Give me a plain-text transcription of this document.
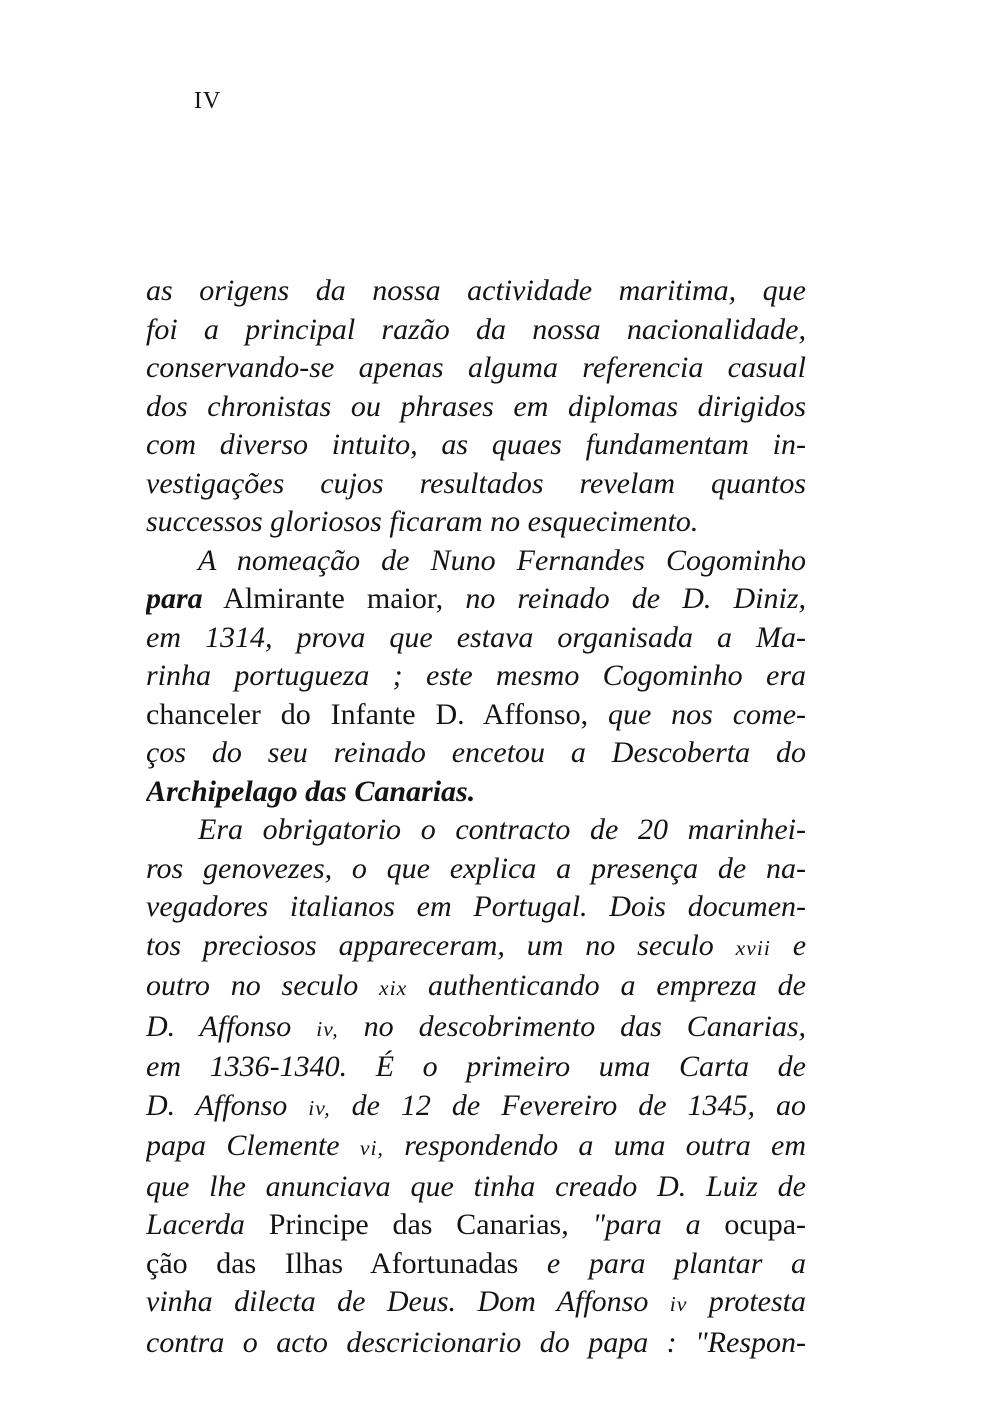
IV
as origens da nossa actividade maritima, que
foi a principal razão da nossa nacionalidade,
conservando-se apenas alguma referencia casual
dos chronistas ou phrases em diplomas dirigidos
com diverso intuito, as quaes fundamentam in-
vestigações cujos resultados revelam quantos
successos gloriosos ficaram no esquecimento.
A nomeação de Nuno Fernandes Cogominho
para Almirante maior, no reinado de D. Diniz,
em 1314, prova que estava organisada a Ma-
rinha portugueza ; este mesmo Cogominho era
chanceler do Infante D. Affonso, que nos come-
ços do seu reinado encetou a Descoberta do
Archipelago das Canarias.
Era obrigatorio o contracto de 20 marinhei-
ros genovezes, o que explica a presença de na-
vegadores italianos em Portugal. Dois documen-
tos preciosos appareceram, um no seculo xvii e
outro no seculo xix authenticando a empreza de
D. Affonso iv, no descobrimento das Canarias,
em 1336-1340. É o primeiro uma Carta de
D. Affonso iv, de 12 de Fevereiro de 1345, ao
papa Clemente vi, respondendo a uma outra em
que lhe anunciava que tinha creado D. Luiz de
Lacerda Principe das Canarias, "para a ocupa-
ção das Ilhas Afortunadas e para plantar a
vinha dilecta de Deus. Dom Affonso iv protesta
contra o acto descricionario do papa : "Respon-
